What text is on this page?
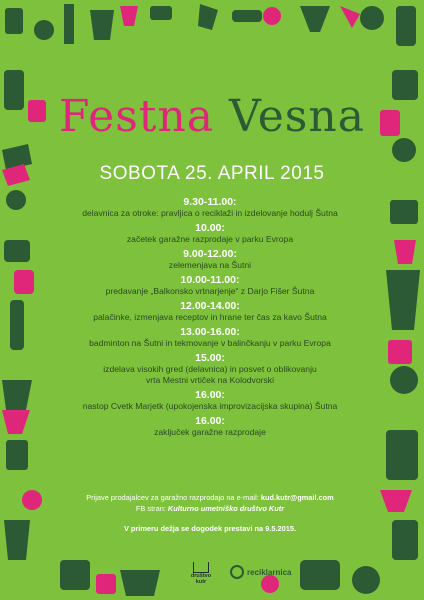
Festna Vesna
SOBOTA 25. APRIL 2015
9.30-11.00:
delavnica za otroke: pravljica o reciklaži in izdelovanje hodulj Šutna
10.00:
začetek garažne razprodaje v parku Evropa
9.00-12.00:
zelemenjava na Šutni
10.00-11.00:
predavanje „Balkonsko vrtnarjenje“ z Darjo Fišer Šutna
12.00-14.00:
palačinke, izmenjava receptov in hrane ter čas za kavo Šutna
13.00-16.00:
badminton na Šutni in tekmovanje v balinčkanju v parku Evropa
15.00:
izdelava visokih gred (delavnica) in posvet o oblikovanju
vrta Mestni vrtiček na Kolodvorski
16.00:
nastop Cvetk Marjetk (upokojenska improvizacijska skupina) Šutna
16.00:
zaključek garažne razprodaje
Prijave prodajalcev za garažno razprodajo na e-mail: kud.kutr@gmail.com
FB stran: Kulturno umetniško društvo Kutr
V primeru dežja se dogodek prestavi na 9.5.2015.
društvo kutr
reciklarnica
